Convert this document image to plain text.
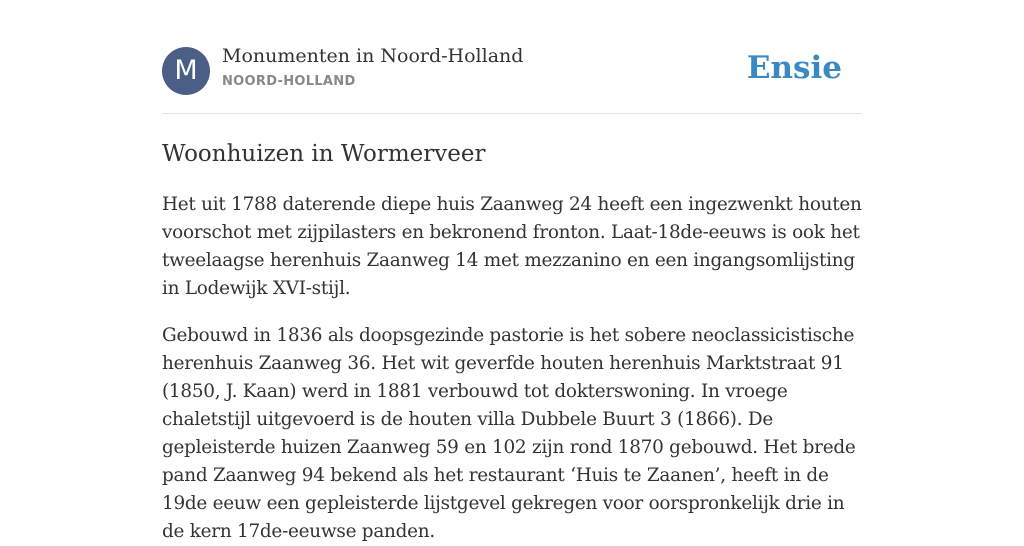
M	Monumenten in Noord-Holland
NOORD-HOLLAND	Ensie
Woonhuizen in Wormerveer

Het uit 1788 daterende diepe huis Zaanweg 24 heeft een ingezwenkt houten voorschot met zijpilasters en bekronend fronton. Laat-18de-eeuws is ook het tweelaagse herenhuis Zaanweg 14 met mezzanino en een ingangsomlijsting in Lodewijk XVI-stijl.

Gebouwd in 1836 als doopsgezinde pastorie is het sobere neoclassicistische herenhuis Zaanweg 36. Het wit geverfde houten herenhuis Marktstraat 91 (1850, J. Kaan) werd in 1881 verbouwd tot dokterswoning. In vroege chaletstijl uitgevoerd is de houten villa Dubbele Buurt 3 (1866). De gepleisterde huizen Zaanweg 59 en 102 zijn rond 1870 gebouwd. Het brede pand Zaanweg 94 bekend als het restaurant ‘Huis te Zaanen’, heeft in de 19de eeuw een gepleisterde lijstgevel gekregen voor oorspronkelijk drie in de kern 17de-eeuwse panden.
